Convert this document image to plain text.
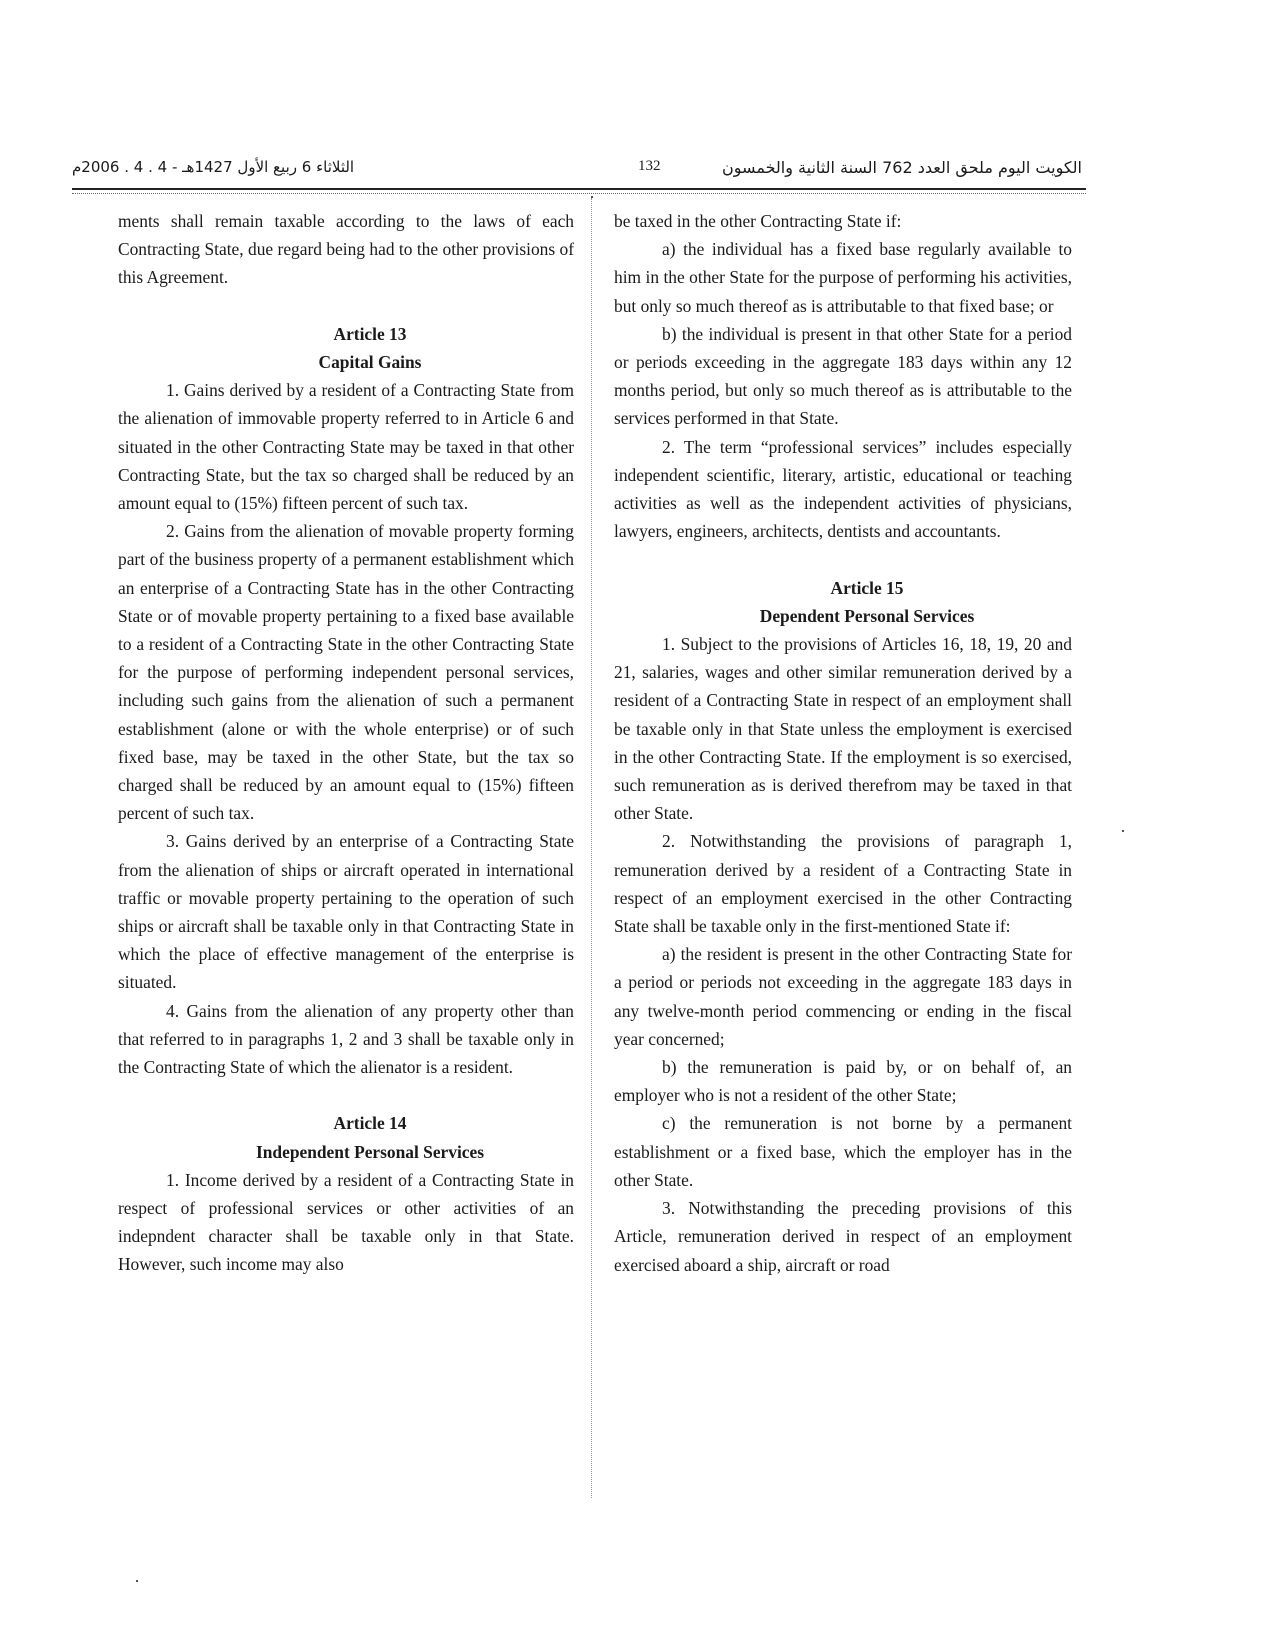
الثلاثاء 6 ربيع الأول 1427هـ - 4 . 4 . 2006م	132	الكويت اليوم ملحق العدد 762 السنة الثانية والخمسون

ments shall remain taxable according to the laws of each Contracting State, due regard being had to the other provisions of this Agreement.

Article 13

Capital Gains

1. Gains derived by a resident of a Contracting State from the alienation of immovable property referred to in Article 6 and situated in the other Contracting State may be taxed in that other Contracting State, but the tax so charged shall be reduced by an amount equal to (15%) fifteen percent of such tax.

2. Gains from the alienation of movable property forming part of the business property of a permanent establishment which an enterprise of a Contracting State has in the other Contracting State or of movable property pertaining to a fixed base available to a resident of a Contracting State in the other Contracting State for the purpose of performing independent personal services, including such gains from the alienation of such a permanent establishment (alone or with the whole enterprise) or of such fixed base, may be taxed in the other State, but the tax so charged shall be reduced by an amount equal to (15%) fifteen percent of such tax.

3. Gains derived by an enterprise of a Contracting State from the alienation of ships or aircraft operated in international traffic or movable property pertaining to the operation of such ships or aircraft shall be taxable only in that Contracting State in which the place of effective management of the enterprise is situated.

4. Gains from the alienation of any property other than that referred to in paragraphs 1, 2 and 3 shall be taxable only in the Contracting State of which the alienator is a resident.

Article 14

Independent Personal Services

1. Income derived by a resident of a Contracting State in respect of professional services or other activities of an indepndent character shall be taxable only in that State. However, such income may also

be taxed in the other Contracting State if:

a) the individual has a fixed base regularly available to him in the other State for the purpose of performing his activities, but only so much thereof as is attributable to that fixed base; or

b) the individual is present in that other State for a period or periods exceeding in the aggregate 183 days within any 12 months period, but only so much thereof as is attributable to the services performed in that State.

2. The term “professional services” includes especially independent scientific, literary, artistic, educational or teaching activities as well as the independent activities of physicians, lawyers, engineers, architects, dentists and accountants.

Article 15

Dependent Personal Services

1. Subject to the provisions of Articles 16, 18, 19, 20 and 21, salaries, wages and other similar remuneration derived by a resident of a Contracting State in respect of an employment shall be taxable only in that State unless the employment is exercised in the other Contracting State. If the employment is so exercised, such remuneration as is derived therefrom may be taxed in that other State.

2. Notwithstanding the provisions of paragraph 1, remuneration derived by a resident of a Contracting State in respect of an employment exercised in the other Contracting State shall be taxable only in the first-mentioned State if:

a) the resident is present in the other Contracting State for a period or periods not exceeding in the aggregate 183 days in any twelve-month period commencing or ending in the fiscal year concerned;

b) the remuneration is paid by, or on behalf of, an employer who is not a resident of the other State;

c) the remuneration is not borne by a permanent establishment or a fixed base, which the employer has in the other State.

3. Notwithstanding the preceding provisions of this Article, remuneration derived in respect of an employment exercised aboard a ship, aircraft or road
